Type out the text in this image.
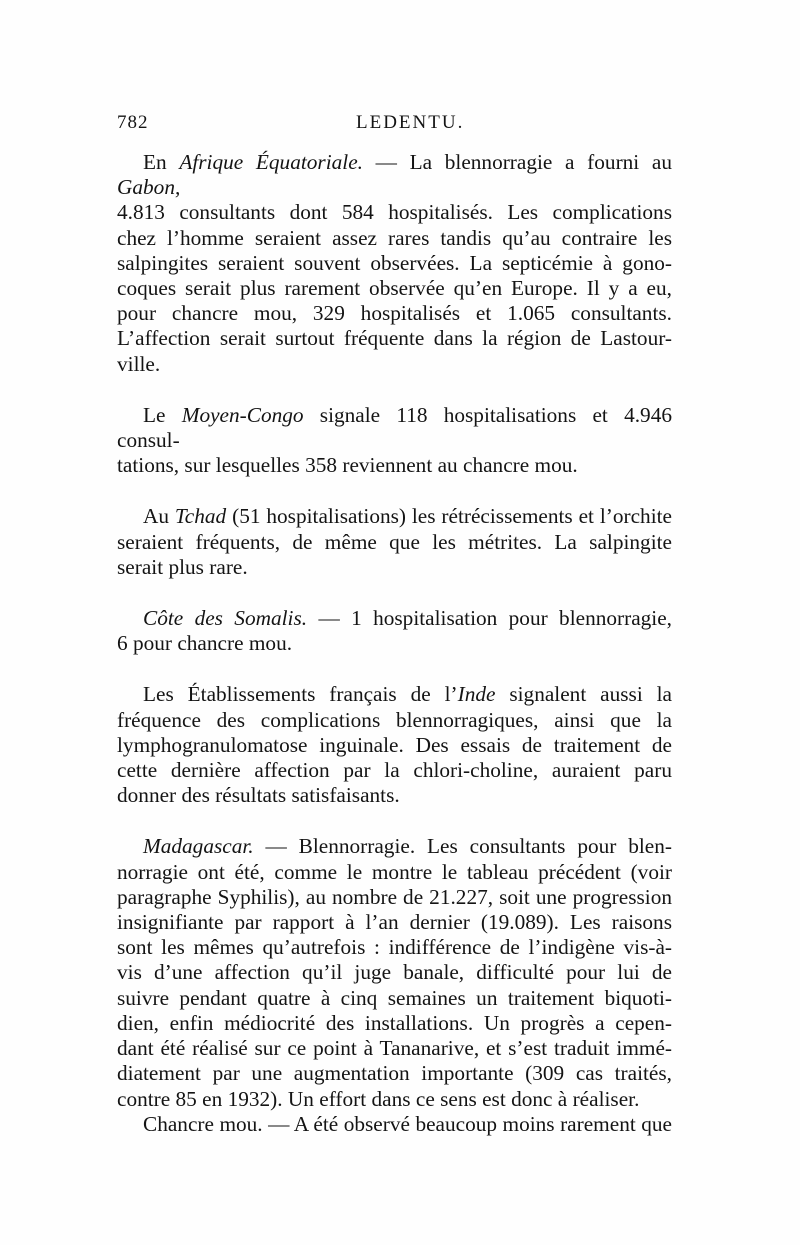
782	LEDENTU.
En Afrique Équatoriale. — La blennorragie a fourni au Gabon,
4.813 consultants dont 584 hospitalisés. Les complications
chez l’homme seraient assez rares tandis qu’au contraire les
salpingites seraient souvent observées. La septicémie à gono-
coques serait plus rarement observée qu’en Europe. Il y a eu,
pour chancre mou, 329 hospitalisés et 1.065 consultants.
L’affection serait surtout fréquente dans la région de Lastour-
ville.
Le Moyen-Congo signale 118 hospitalisations et 4.946 consul-
tations, sur lesquelles 358 reviennent au chancre mou.
Au Tchad (51 hospitalisations) les rétrécissements et l’orchite
seraient fréquents, de même que les métrites. La salpingite
serait plus rare.
Côte des Somalis. — 1 hospitalisation pour blennorragie,
6 pour chancre mou.
Les Établissements français de l’Inde signalent aussi la
fréquence des complications blennorragiques, ainsi que la
lymphogranulomatose inguinale. Des essais de traitement de
cette dernière affection par la chlori-choline, auraient paru
donner des résultats satisfaisants.
Madagascar. — Blennorragie. Les consultants pour blen-
norragie ont été, comme le montre le tableau précédent (voir
paragraphe Syphilis), au nombre de 21.227, soit une progression
insignifiante par rapport à l’an dernier (19.089). Les raisons
sont les mêmes qu’autrefois : indifférence de l’indigène vis-à-
vis d’une affection qu’il juge banale, difficulté pour lui de
suivre pendant quatre à cinq semaines un traitement biquoti-
dien, enfin médiocrité des installations. Un progrès a cepen-
dant été réalisé sur ce point à Tananarive, et s’est traduit immé-
diatement par une augmentation importante (309 cas traités,
contre 85 en 1932). Un effort dans ce sens est donc à réaliser.
Chancre mou. — A été observé beaucoup moins rarement que
